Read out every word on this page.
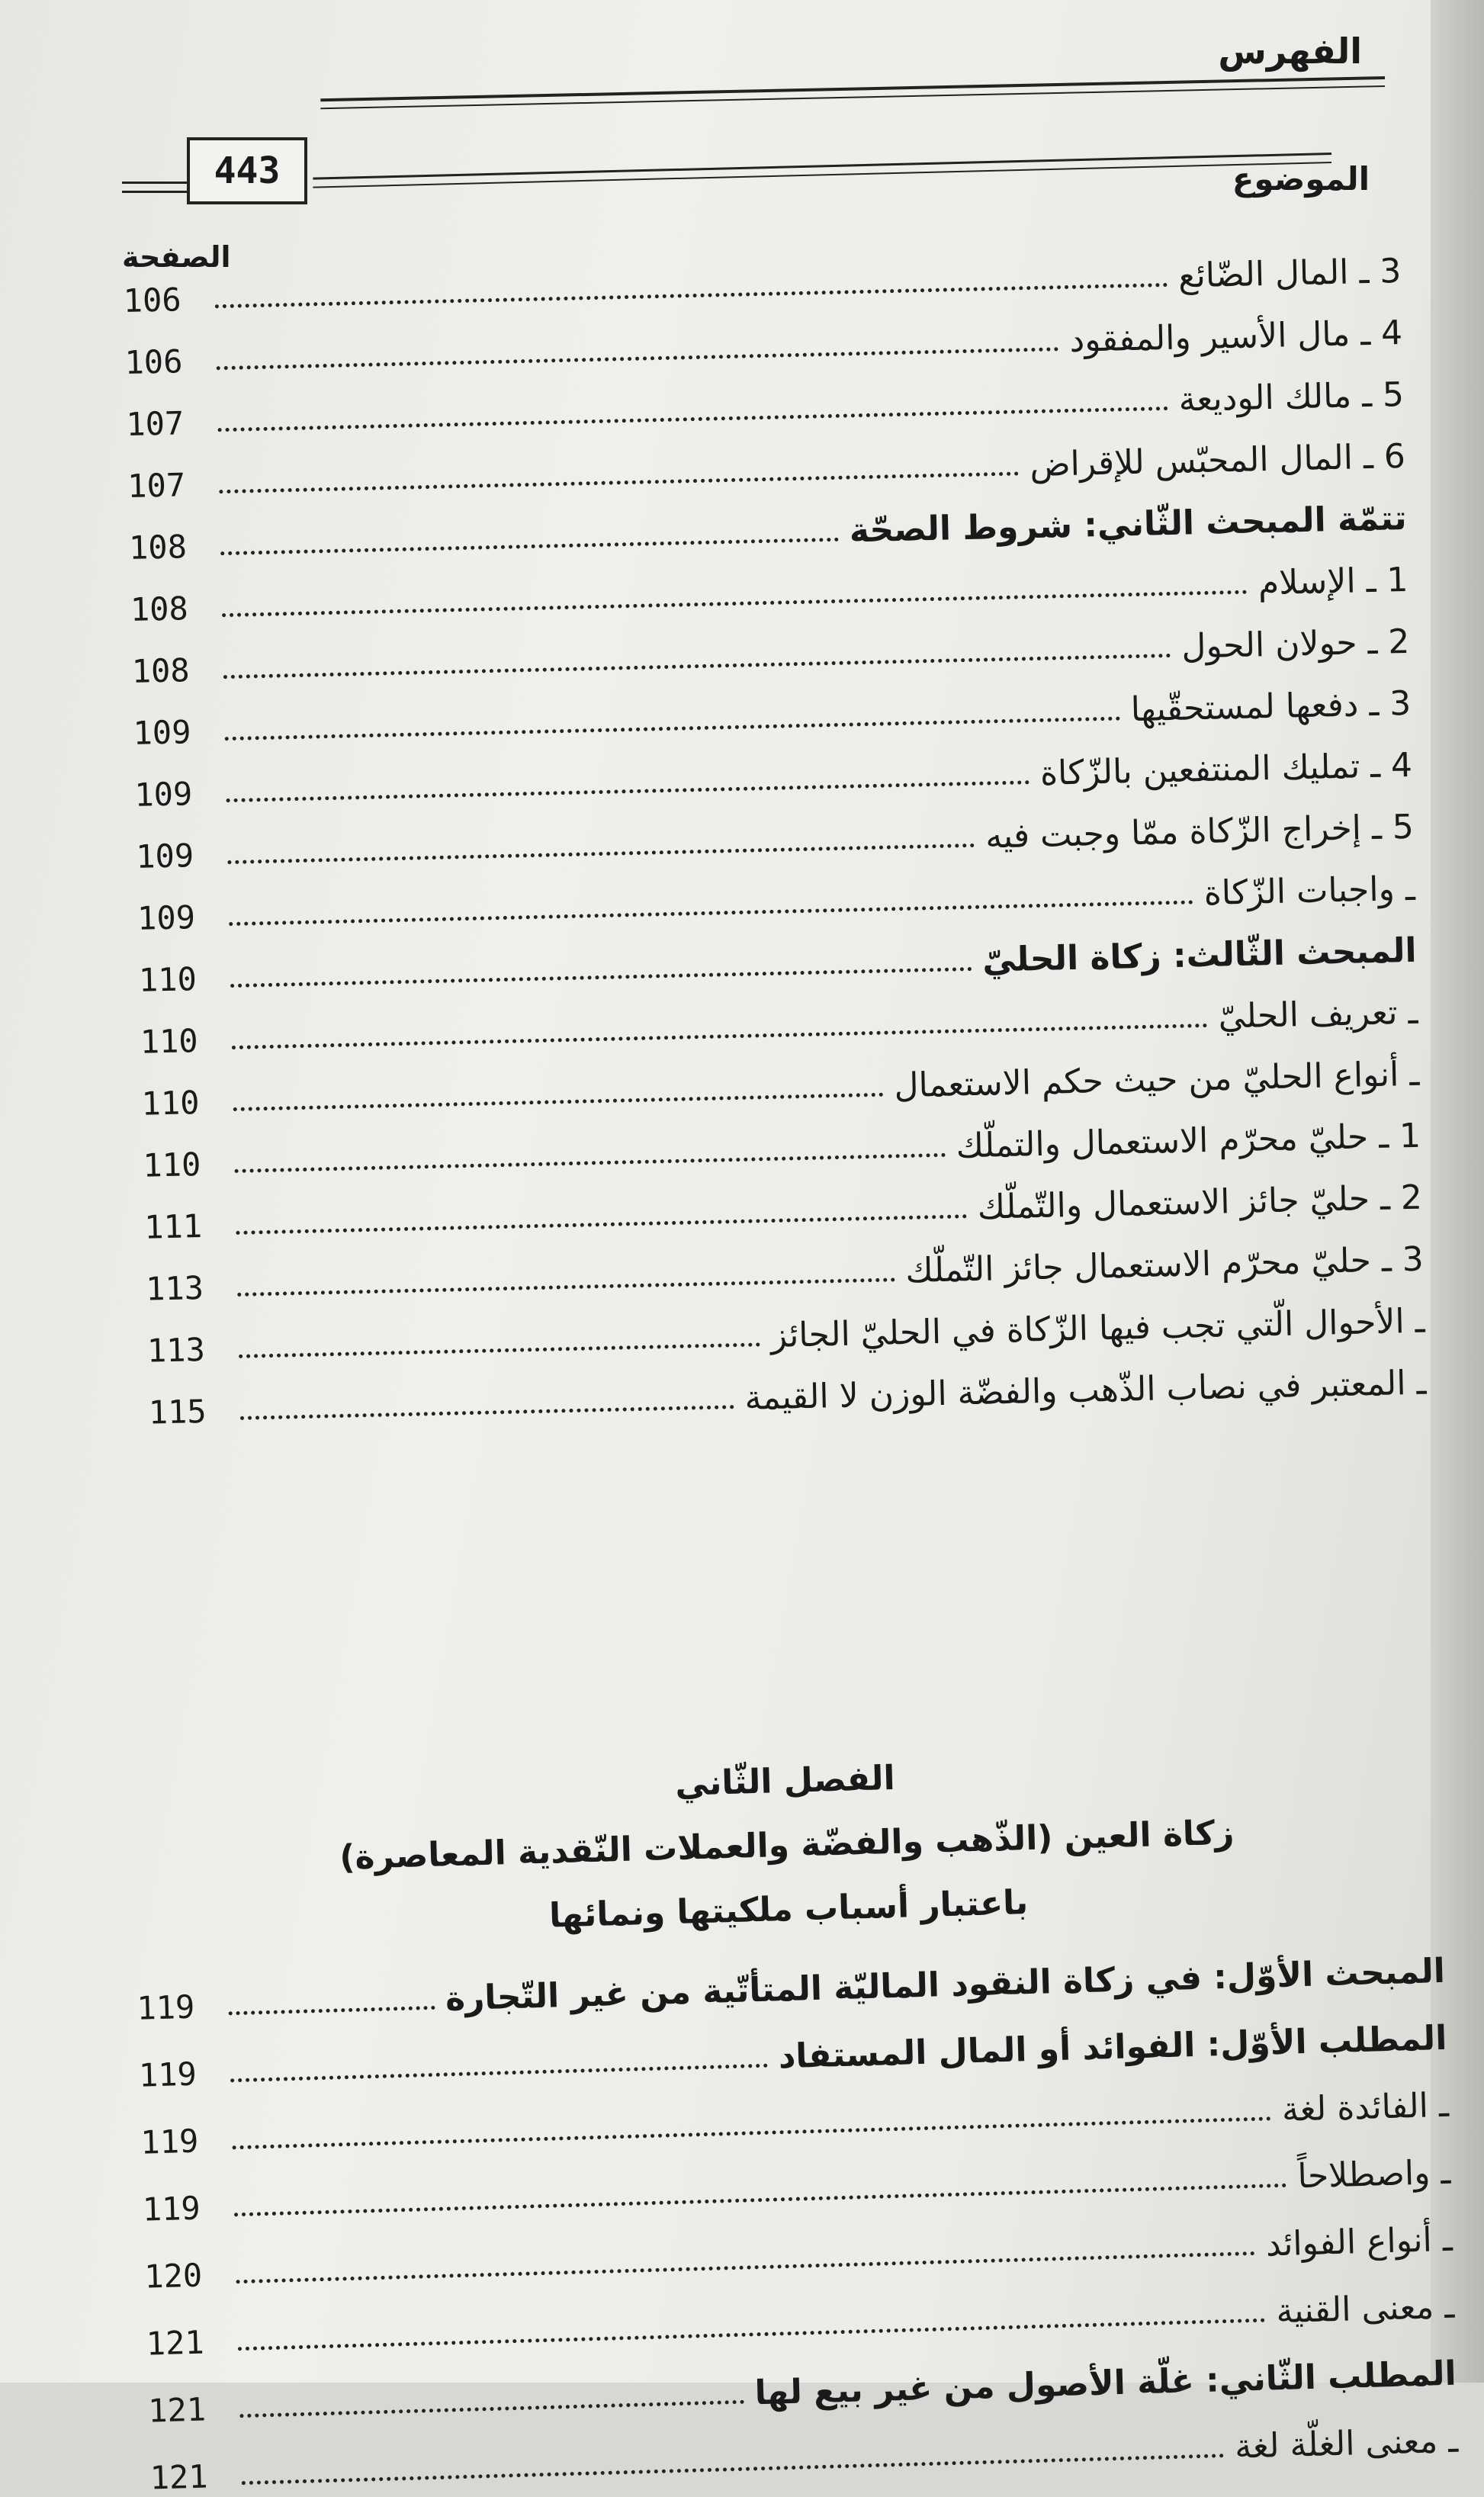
الفهرس
443	الموضوع
الصفحة	3 ـ المال الضّائع
106
4 ـ مال الأسير والمفقود
106
5 ـ مالك الوديعة
107
6 ـ المال المحبّس للإقراض
107
تتمّة المبحث الثّاني: شروط الصحّة
108
1 ـ الإسلام
108
2 ـ حولان الحول
108
3 ـ دفعها لمستحقّيها
109
4 ـ تمليك المنتفعين بالزّكاة
109
5 ـ إخراج الزّكاة ممّا وجبت فيه
109
ـ واجبات الزّكاة
109
المبحث الثّالث: زكاة الحليّ
110
ـ تعريف الحليّ
110
ـ أنواع الحليّ من حيث حكم الاستعمال
110
1 ـ حليّ محرّم الاستعمال والتملّك
110
2 ـ حليّ جائز الاستعمال والتّملّك
111
3 ـ حليّ محرّم الاستعمال جائز التّملّك
113
ـ الأحوال الّتي تجب فيها الزّكاة في الحليّ الجائز
113
ـ المعتبر في نصاب الذّهب والفضّة الوزن لا القيمة
115
الفصل الثّاني
زكاة العين (الذّهب والفضّة والعملات النّقدية المعاصرة)
باعتبار أسباب ملكيتها ونمائها
المبحث الأوّل: في زكاة النقود الماليّة المتأتّية من غير التّجارة
119
المطلب الأوّل: الفوائد أو المال المستفاد
119
ـ الفائدة لغة
119
ـ واصطلاحاً
119
ـ أنواع الفوائد
120
ـ معنى القنية
121
المطلب الثّاني: غلّة الأصول من غير بيع لها
121
ـ معنى الغلّة لغة
121
